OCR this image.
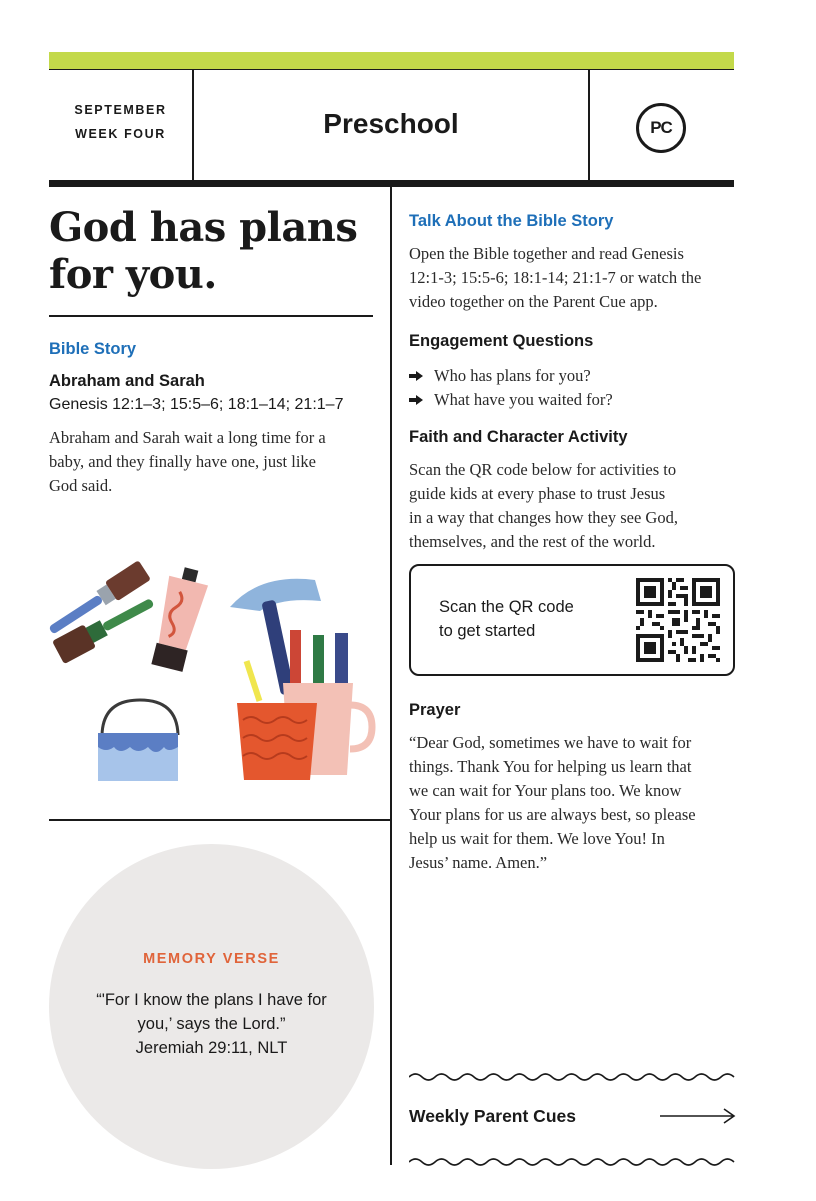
SEPTEMBER
WEEK FOUR	Preschool	PC
God has plans
for you.
Bible Story
Abraham and Sarah
Genesis 12:1–3; 15:5–6; 18:1–14; 21:1–7
Abraham and Sarah wait a long time for a
baby, and they finally have one, just like
God said.
MEMORY VERSE
“'For I know the plans I have for
you,’ says the Lord.”
Jeremiah 29:11, NLT
Talk About the Bible Story
Open the Bible together and read Genesis
12:1-3; 15:5-6; 18:1-14; 21:1-7 or watch the
video together on the Parent Cue app.
Engagement Questions
Who has plans for you?
What have you waited for?
Faith and Character Activity
Scan the QR code below for activities to
guide kids at every phase to trust Jesus
in a way that changes how they see God,
themselves, and the rest of the world.
Scan the QR code
to get started
Prayer
“Dear God, sometimes we have to wait for
things. Thank You for helping us learn that
we can wait for Your plans too. We know
Your plans for us are always best, so please
help us wait for them. We love You! In
Jesus’ name. Amen.”
Weekly Parent Cues
